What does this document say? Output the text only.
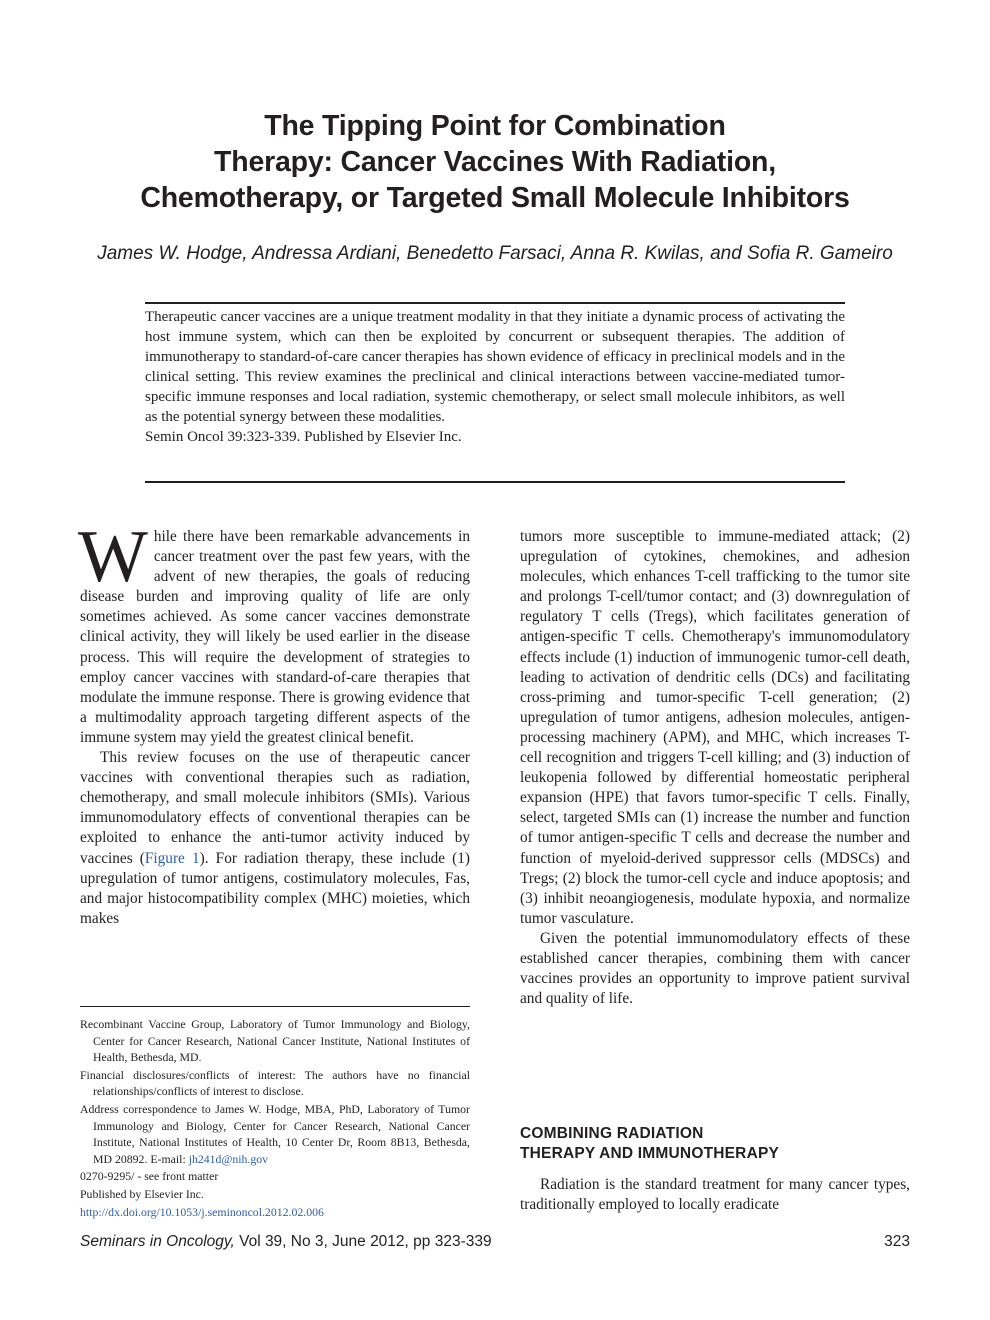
The Tipping Point for Combination
Therapy: Cancer Vaccines With Radiation,
Chemotherapy, or Targeted Small Molecule Inhibitors
James W. Hodge, Andressa Ardiani, Benedetto Farsaci, Anna R. Kwilas, and Sofia R. Gameiro

Therapeutic cancer vaccines are a unique treatment modality in that they initiate a dynamic process of activating the host immune system, which can then be exploited by concurrent or subsequent therapies. The addition of immunotherapy to standard-of-care cancer therapies has shown evidence of efficacy in preclinical models and in the clinical setting. This review examines the preclinical and clinical interactions between vaccine-mediated tumor-specific immune responses and local radiation, systemic chemotherapy, or select small molecule inhibitors, as well as the potential synergy between these modalities.

Semin Oncol 39:323-339. Published by Elsevier Inc.

While there have been remarkable advancements in cancer treatment over the past few years, with the advent of new therapies, the goals of reducing disease burden and improving quality of life are only sometimes achieved. As some cancer vaccines demonstrate clinical activity, they will likely be used earlier in the disease process. This will require the development of strategies to employ cancer vaccines with standard-of-care therapies that modulate the immune response. There is growing evidence that a multimodality approach targeting different aspects of the immune system may yield the greatest clinical benefit.

This review focuses on the use of therapeutic cancer vaccines with conventional therapies such as radiation, chemotherapy, and small molecule inhibitors (SMIs). Various immunomodulatory effects of conventional therapies can be exploited to enhance the anti-tumor activity induced by vaccines (Figure 1). For radiation therapy, these include (1) upregulation of tumor antigens, costimulatory molecules, Fas, and major histocompatibility complex (MHC) moieties, which makes

tumors more susceptible to immune-mediated attack; (2) upregulation of cytokines, chemokines, and adhesion molecules, which enhances T-cell trafficking to the tumor site and prolongs T-cell/tumor contact; and (3) downregulation of regulatory T cells (Tregs), which facilitates generation of antigen-specific T cells. Chemotherapy's immunomodulatory effects include (1) induction of immunogenic tumor-cell death, leading to activation of dendritic cells (DCs) and facilitating cross-priming and tumor-specific T-cell generation; (2) upregulation of tumor antigens, adhesion molecules, antigen-processing machinery (APM), and MHC, which increases T-cell recognition and triggers T-cell killing; and (3) induction of leukopenia followed by differential homeostatic peripheral expansion (HPE) that favors tumor-specific T cells. Finally, select, targeted SMIs can (1) increase the number and function of tumor antigen-specific T cells and decrease the number and function of myeloid-derived suppressor cells (MDSCs) and Tregs; (2) block the tumor-cell cycle and induce apoptosis; and (3) inhibit neoangiogenesis, modulate hypoxia, and normalize tumor vasculature.

Given the potential immunomodulatory effects of these established cancer therapies, combining them with cancer vaccines provides an opportunity to improve patient survival and quality of life.

Recombinant Vaccine Group, Laboratory of Tumor Immunology and Biology, Center for Cancer Research, National Cancer Institute, National Institutes of Health, Bethesda, MD.

Financial disclosures/conflicts of interest: The authors have no financial relationships/conflicts of interest to disclose.

Address correspondence to James W. Hodge, MBA, PhD, Laboratory of Tumor Immunology and Biology, Center for Cancer Research, National Cancer Institute, National Institutes of Health, 10 Center Dr, Room 8B13, Bethesda, MD 20892. E-mail: jh241d@nih.gov

0270-9295/ - see front matter

Published by Elsevier Inc.

http://dx.doi.org/10.1053/j.seminoncol.2012.02.006

COMBINING RADIATION
THERAPY AND IMMUNOTHERAPY

Radiation is the standard treatment for many cancer types, traditionally employed to locally eradicate

Seminars in Oncology, Vol 39, No 3, June 2012, pp 323-339	323
